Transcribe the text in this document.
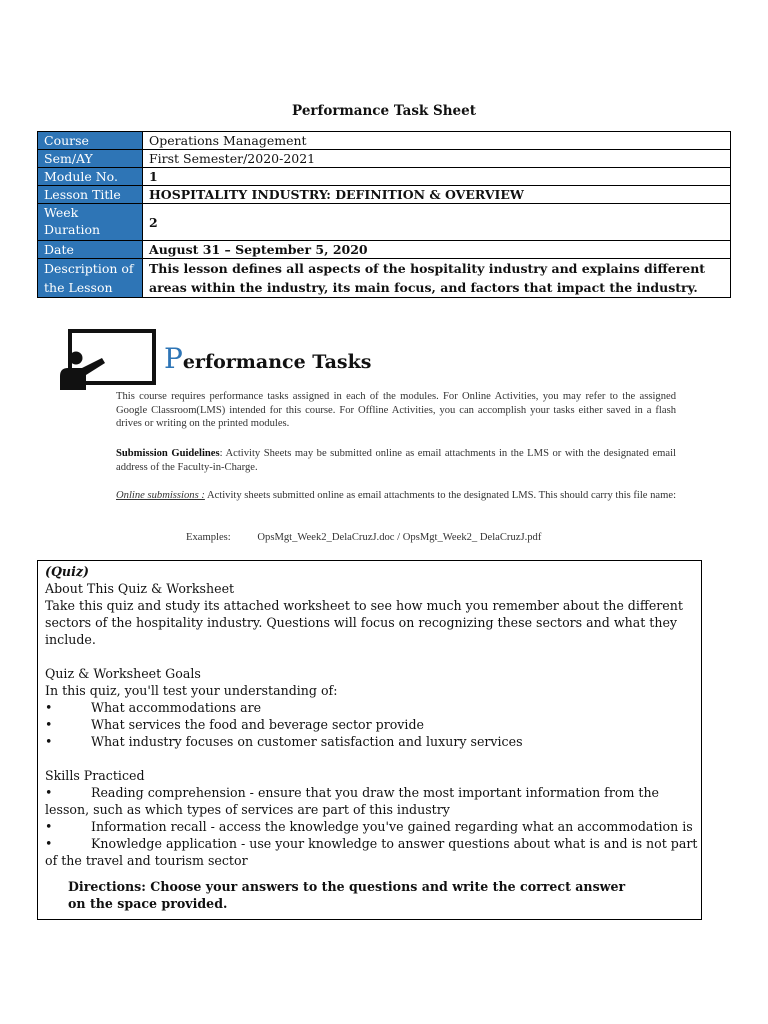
Performance Task Sheet
Course	Operations Management
Sem/AY	First Semester/2020-2021
Module No.	1
Lesson Title	HOSPITALITY INDUSTRY: DEFINITION & OVERVIEW
Week Duration	2
Date	August 31 – September 5, 2020
Description of the Lesson	This lesson defines all aspects of the hospitality industry and explains different areas within the industry, its main focus, and factors that impact the industry.
Performance Tasks
This course requires performance tasks assigned in each of the modules. For Online Activities, you may refer to the assigned Google Classroom(LMS) intended for this course. For Offline Activities, you can accomplish your tasks either saved in a flash drives or writing on the printed modules.
Submission Guidelines: Activity Sheets may be submitted online as email attachments in the LMS or with the designated email address of the Faculty-in-Charge.
Online submissions : Activity sheets submitted online as email attachments to the designated LMS. This should carry this file name:
Examples:	OpsMgt_Week2_DelaCruzJ.doc / OpsMgt_Week2_ DelaCruzJ.pdf

(Quiz)

About This Quiz & Worksheet

Take this quiz and study its attached worksheet to see how much you remember about the different sectors of the hospitality industry. Questions will focus on recognizing these sectors and what they include.

Quiz & Worksheet Goals

In this quiz, you'll test your understanding of:

•	What accommodations are
•	What services the food and beverage sector provide
•	What industry focuses on customer satisfaction and luxury services

Skills Practiced

•	Reading comprehension - ensure that you draw the most important information from the lesson, such as which types of services are part of this industry

•	Information recall - access the knowledge you've gained regarding what an accommodation is

•	Knowledge application - use your knowledge to answer questions about what is and is not part of the travel and tourism sector

Directions: Choose your answers to the questions and write the correct answer
on the space provided.
